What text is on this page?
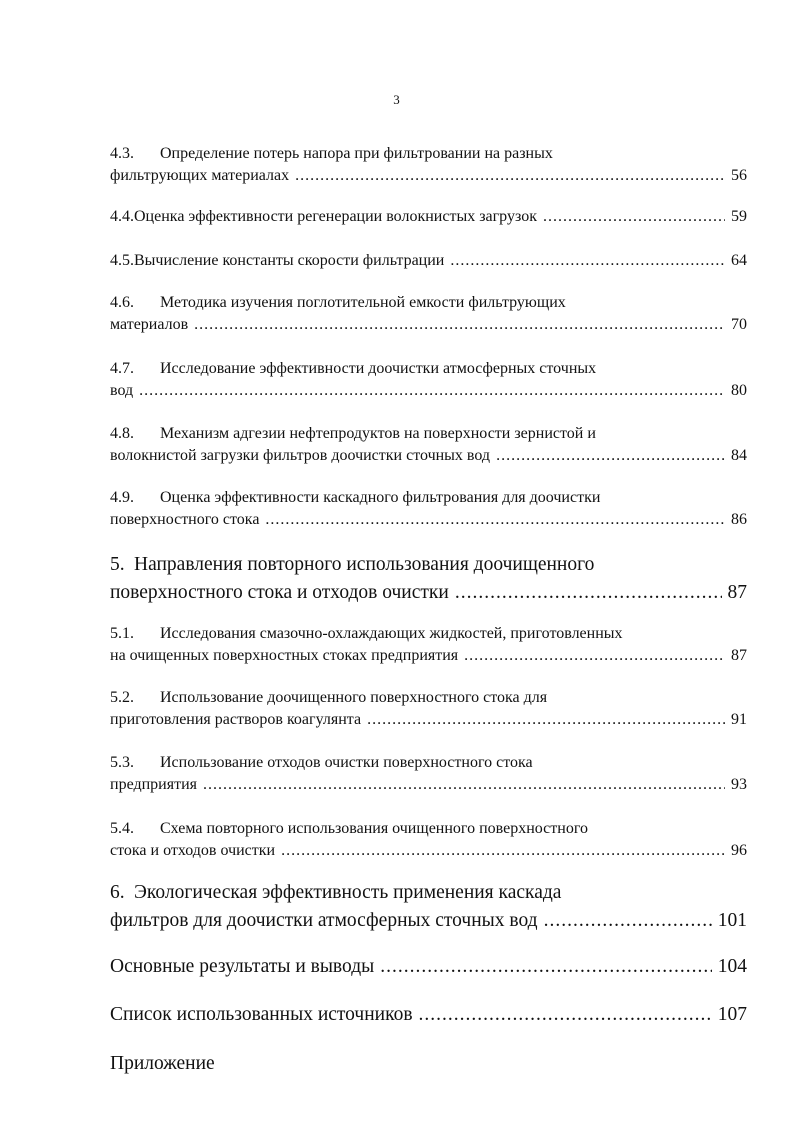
3
4.3.	Определение потерь напора при фильтровании на разных
фильтрующих материалах .....	56
4.4. Оценка эффективности регенерации волокнистых загрузок .....	59
4.5. Вычисление константы скорости фильтрации .....	64
4.6.	Методика изучения поглотительной емкости фильтрующих
материалов .....	70
4.7.	Исследование эффективности доочистки атмосферных сточных
вод .....	80
4.8.	Механизм адгезии нефтепродуктов на поверхности зернистой и
волокнистой загрузки фильтров доочистки сточных вод .....	84
4.9.	Оценка эффективности каскадного фильтрования для доочистки
поверхностного стока .....	86
5. Направления повторного использования доочищенного
поверхностного стока и отходов очистки .....	87
5.1.	Исследования смазочно-охлаждающих жидкостей, приготовленных
на очищенных поверхностных стоках предприятия .....	87
5.2.	Использование доочищенного поверхностного стока для
приготовления растворов коагулянта .....	91
5.3.	Использование отходов очистки поверхностного стока
предприятия .....	93
5.4.	Схема повторного использования очищенного поверхностного
стока и отходов очистки .....	96
6. Экологическая эффективность применения каскада
фильтров для доочистки атмосферных сточных вод .....	101
Основные результаты и выводы .....	104
Список использованных источников .....	107
Приложение
